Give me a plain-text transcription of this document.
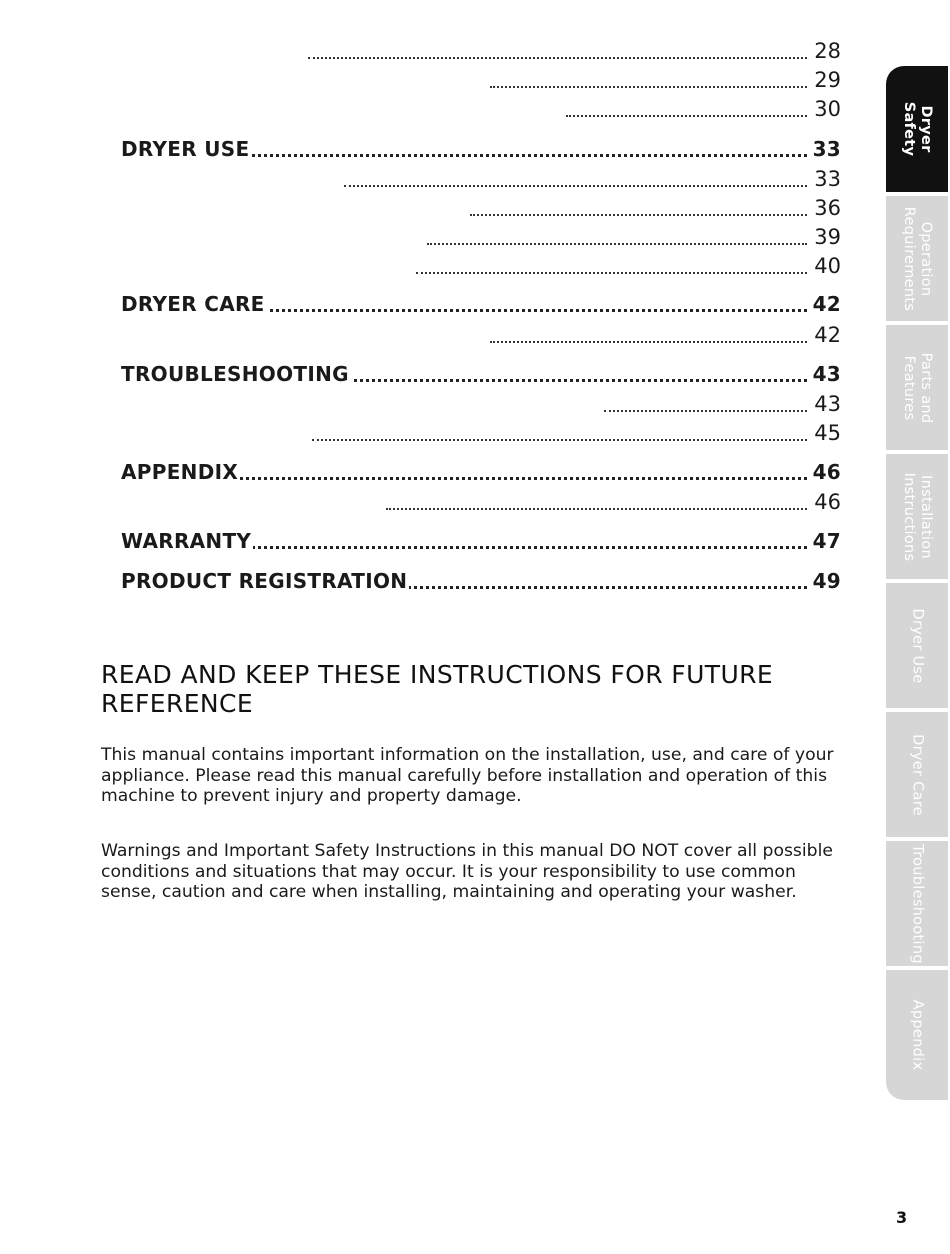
28
29
30
DRYER USE	33
33
36
39
40
DRYER CARE	42
42
TROUBLESHOOTING	43
43
45
APPENDIX	46
46
WARRANTY	47
PRODUCT REGISTRATION	49
READ AND KEEP THESE INSTRUCTIONS FOR FUTURE REFERENCE

This manual contains important information on the installation, use, and care of your appliance. Please read this manual carefully before installation and operation of this machine to prevent injury and property damage.

Warnings and Important Safety Instructions in this manual DO NOT cover all possible conditions and situations that may occur. It is your responsibility to use common sense, caution and care when installing, maintaining and operating your washer.

Dryer
Safety
Operation
Requirements
Parts and
Features
Installation
Instructions
Dryer Use
Dryer Care
Troubleshooting
Appendix
3
